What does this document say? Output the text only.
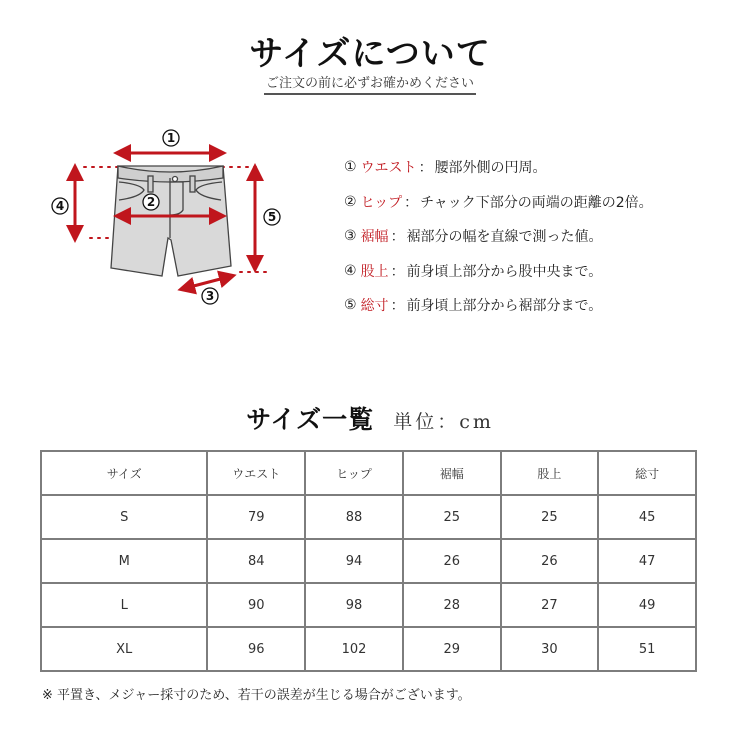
サイズについて
ご注文の前に必ずお確かめください
1
2
3
4
5
① ウエスト ： 腰部外側の円周。
② ヒップ ： チャック下部分の両端の距離の2倍。
③ 裾幅 ： 裾部分の幅を直線で測った値。
④ 股上 ： 前身頃上部分から股中央まで。
⑤ 総寸 ： 前身頃上部分から裾部分まで。
サイズ一覧 単位：cm
サイズ	ウエスト	ヒップ	裾幅	股上	総寸
S	79	88	25	25	45
M	84	94	26	26	47
L	90	98	28	27	49
XL	96	102	29	30	51
※ 平置き、メジャー採寸のため、若干の誤差が生じる場合がございます。
